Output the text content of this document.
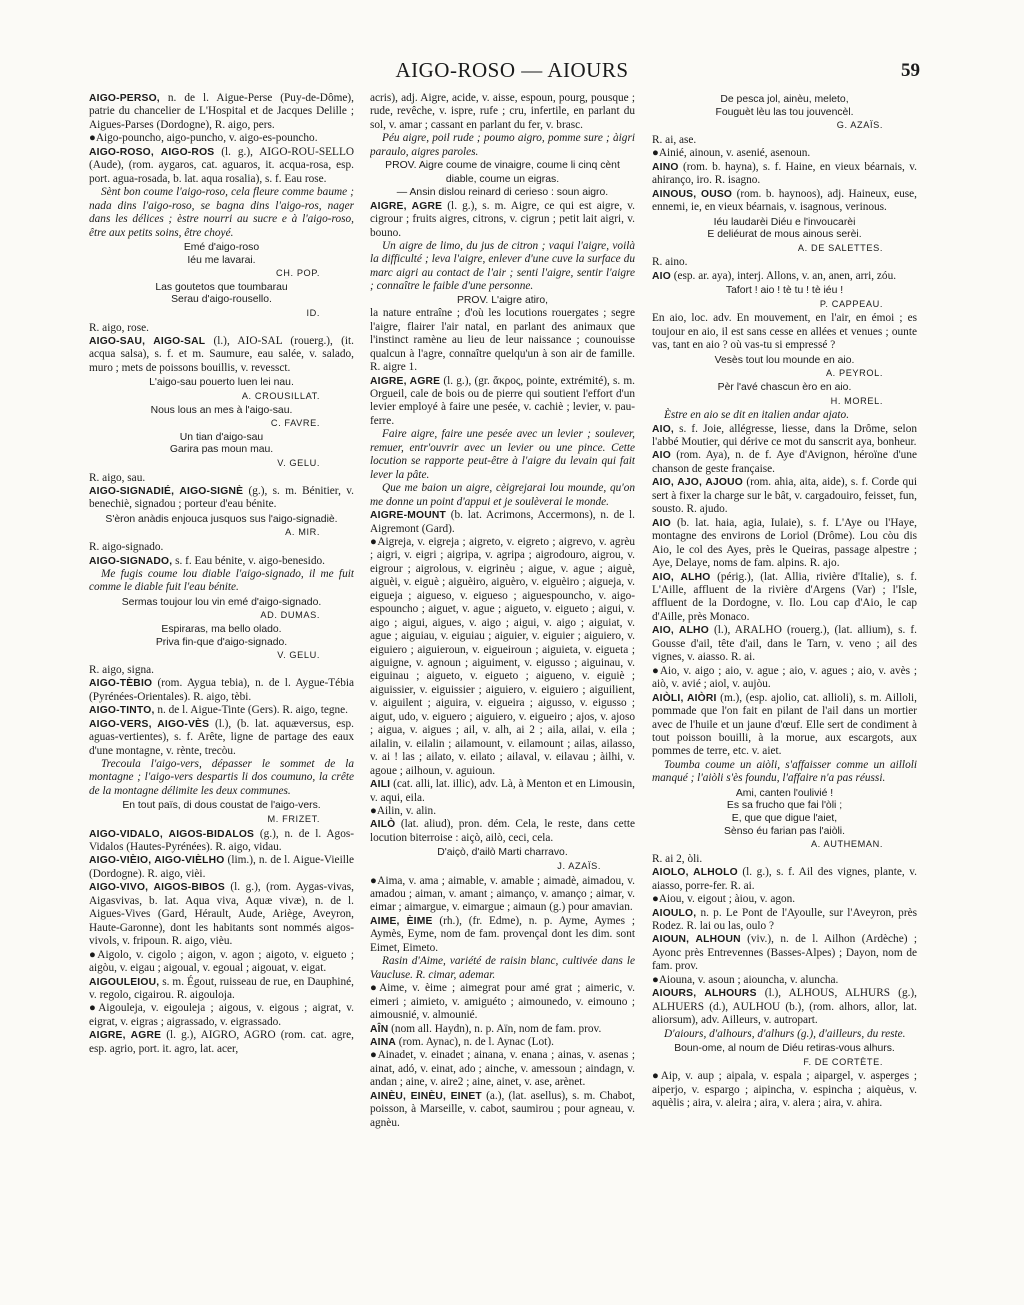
AIGO-ROSO — AIOURS	59

AIGO-PERSO, n. de l. Aigue-Perse (Puy-de-Dôme), patrie du chancelier de L'Hospital et de Jacques Delille ; Aigues-Parses (Dordogne), R. aigo, pers.

●Aigo-pouncho, aigo-puncho, v. aigo-es-pouncho.

AIGO-ROSO, AIGO-ROS (l. g.), AIGO-ROU-SELLO (Aude), (rom. aygaros, cat. aguaros, it. acqua-rosa, esp. port. agua-rosada, b. lat. aqua rosalia), s. f. Eau rose.

Sènt bon coume l'aigo-roso, cela fleure comme baume ; nada dins l'aigo-roso, se bagna dins l'aigo-ros, nager dans les délices ; èstre nourri au sucre e à l'aigo-roso, être aux petits soins, être choyé.

Emé d'aigo-roso
Iéu me lavarai.
CH. POP.
Las goutetos que toumbarau
Serau d'aigo-rousello.
ID.

R. aigo, rose.

AIGO-SAU, AIGO-SAL (l.), AIO-SAL (rouerg.), (it. acqua salsa), s. f. et m. Saumure, eau salée, v. salado, muro ; mets de poissons bouillis, v. revessct.

L'aigo-sau pouerto luen lei nau.
A. CROUSILLAT.
Nous lous an mes à l'aigo-sau.
C. FAVRE.
Un tian d'aigo-sau
Garira pas moun mau.
V. GELU.

R. aigo, sau.

AIGO-SIGNADIÉ, AIGO-SIGNÈ (g.), s. m. Bénitier, v. benechiè, signadou ; porteur d'eau bénite.

S'èron anàdis enjouca jusquos sus l'aigo-signadiè.
A. MIR.

R. aigo-signado.

AIGO-SIGNADO, s. f. Eau bénite, v. aigo-benesido.

Me fugis coume lou diable l'aigo-signado, il me fuit comme le diable fuit l'eau bénite.

Sermas toujour lou vin emé d'aigo-signado.
AD. DUMAS.
Espiraras, ma bello olado.
Priva fin-que d'aigo-signado.
V. GELU.

R. aigo, signa.

AIGO-TÈBIO (rom. Aygua tebia), n. de l. Aygue-Tébia (Pyrénées-Orientales). R. aigo, tèbi.

AIGO-TINTO, n. de l. Aigue-Tinte (Gers). R. aigo, tegne.

AIGO-VERS, AIGO-VÈS (l.), (b. lat. aquæversus, esp. aguas-vertientes), s. f. Arête, ligne de partage des eaux d'une montagne, v. rènte, trecòu.

Trecoula l'aigo-vers, dépasser le sommet de la montagne ; l'aigo-vers despartis li dos coumuno, la crête de la montagne délimite les deux communes.

En tout païs, di dous coustat de l'aigo-vers.
M. FRIZET.

AIGO-VIDALO, AIGOS-BIDALOS (g.), n. de l. Agos-Vidalos (Hautes-Pyrénées). R. aigo, vidau.

AIGO-VIÈIO, AIGO-VIÈLHO (lim.), n. de l. Aigue-Vieille (Dordogne). R. aigo, vièi.

AIGO-VIVO, AIGOS-BIBOS (l. g.), (rom. Aygas-vivas, Aigasvivas, b. lat. Aqua viva, Aquæ vivæ), n. de l. Aigues-Vives (Gard, Hérault, Aude, Ariège, Aveyron, Haute-Garonne), dont les habitants sont nommés aigos-vivols, v. fripoun. R. aigo, vièu.

●Aigolo, v. cigolo ; aigon, v. agon ; aigoto, v. eigueto ; aigòu, v. eigau ; aigoual, v. egoual ; aigouat, v. eigat.

AIGOULEIOU, s. m. Égout, ruisseau de rue, en Dauphiné, v. regolo, cigairou. R. aigouloja.

●Aigouleja, v. eigouleja ; aigous, v. eigous ; aigrat, v. eigrat, v. eigras ; aigrassado, v. eigrassado.

AIGRE, AGRE (l. g.), AIGRO, AGRO (rom. cat. agre, esp. agrio, port. it. agro, lat. acer,

acris), adj. Aigre, acide, v. aisse, espoun, pourg, pousque ; rude, revêche, v. ispre, rufe ; cru, infertile, en parlant du sol, v. amar ; cassant en parlant du fer, v. brasc.

Péu aigre, poil rude ; poumo aigro, pomme sure ; àigri paraulo, aigres paroles.

PROV. Aigre coume de vinaigre, coume li cinq cènt diable, coume un eigras.

— Ansin dislou reinard di cerieso : soun aigro.

AIGRE, AGRE (l. g.), s. m. Aigre, ce qui est aigre, v. cigrour ; fruits aigres, citrons, v. cigrun ; petit lait aigri, v. bouno.

Un aigre de limo, du jus de citron ; vaqui l'aigre, voilà la difficulté ; leva l'aigre, enlever d'une cuve la surface du marc aigri au contact de l'air ; senti l'aigre, sentir l'aigre ; connaître le faible d'une personne.

PROV. L'aigre atiro,

la nature entraîne ; d'où les locutions rouergates ; segre l'aigre, flairer l'air natal, en parlant des animaux que l'instinct ramène au lieu de leur naissance ; counouisse qualcun à l'agre, connaître quelqu'un à son air de famille. R. aigre 1.

AIGRE, AGRE (l. g.), (gr. ἄκρος, pointe, extrémité), s. m. Orgueil, cale de bois ou de pierre qui soutient l'effort d'un levier employé à faire une pesée, v. cachiè ; levier, v. pau-ferre.

Faire aigre, faire une pesée avec un levier ; soulever, remuer, entr'ouvrir avec un levier ou une pince. Cette locution se rapporte peut-être à l'aigre du levain qui fait lever la pâte.

Que me baion un aigre, cèigrejarai lou mounde, qu'on me donne un point d'appui et je soulèverai le monde.

AIGRE-MOUNT (b. lat. Acrimons, Accermons), n. de l. Aigremont (Gard).

●Aigreja, v. eigreja ; aigreto, v. eigreto ; aigrevo, v. agrèu ; aigri, v. eigri ; aigripa, v. agripa ; aigrodouro, aigrou, v. eigrour ; aigrolous, v. eigrinèu ; aigue, v. ague ; aiguè, aiguèi, v. eiguè ; aiguèiro, aiguèro, v. eiguèiro ; aigueja, v. eigueja ; aigueso, v. eigueso ; aiguespouncho, v. aigo-espouncho ; aiguet, v. ague ; aigueto, v. eigueto ; aigui, v. aigo ; aigui, aigues, v. aigo ; aigui, v. aigo ; aiguiat, v. ague ; aiguiau, v. eiguiau ; aiguier, v. eiguier ; aiguiero, v. eiguiero ; aiguieroun, v. eigueiroun ; aiguieta, v. eigueta ; aiguigne, v. agnoun ; aiguiment, v. eigusso ; aiguinau, v. eiguinau ; aigueto, v. eigueto ; aigueno, v. eiguiè ; aiguissier, v. eiguissier ; aiguiero, v. eiguiero ; aiguilient, v. aiguilent ; aiguira, v. eigueira ; aigusso, v. eigusso ; aigut, udo, v. eiguero ; aiguiero, v. eigueiro ; ajos, v. ajoso ; aigua, v. aigues ; ail, v. alh, ai 2 ; aila, ailai, v. eila ; ailalin, v. eilalin ; ailamount, v. eilamount ; ailas, ailasso, v. ai ! las ; ailato, v. eilato ; ailaval, v. eilavau ; àilhi, v. agoue ; ailhoun, v. aguioun.

AILI (cat. alli, lat. illic), adv. Là, à Menton et en Limousin, v. aqui, eila.

●Ailin, v. alin.

AILÒ (lat. aliud), pron. dém. Cela, le reste, dans cette locution biterroise : aiçò, ailò, ceci, cela.

D'aiçò, d'ailò Marti charravo.
J. AZAÏS.

●Aima, v. ama ; aimable, v. amable ; aimadè, aimadou, v. amadou ; aiman, v. amant ; aimanço, v. amanço ; aimar, v. eimar ; aimargue, v. eimargue ; aimaun (g.) pour amavian.

AIME, ÈIME (rh.), (fr. Edme), n. p. Ayme, Aymes ; Aymès, Eyme, nom de fam. provençal dont les dim. sont Eimet, Eimeto.

Rasin d'Aime, variété de raisin blanc, cultivée dans le Vaucluse. R. cimar, ademar.

●Aime, v. èime ; aimegrat pour amé grat ; aimeric, v. eimeri ; aimieto, v. amiguéto ; aimounedo, v. eimouno ; aimousnié, v. almounié.

AÎN (nom all. Haydn), n. p. Aïn, nom de fam. prov.

AINA (rom. Aynac), n. de l. Aynac (Lot).

●Ainadet, v. einadet ; ainana, v. enana ; ainas, v. asenas ; ainat, adó, v. einat, ado ; ainche, v. amessoun ; aindagn, v. andan ; aine, v. aire2 ; aine, ainet, v. ase, arènet.

AINÈU, EINÈU, EINET (a.), (lat. asellus), s. m. Chabot, poisson, à Marseille, v. cabot, saumirou ; pour agneau, v. agnèu.

De pesca jol, ainèu, meleto,
Fouguèt lèu las tou jouvencèl.
G. AZAÏS.

R. ai, ase.

●Ainié, ainoun, v. asenié, asenoun.

AINO (rom. b. hayna), s. f. Haine, en vieux béarnais, v. ahiranço, iro. R. isagno.

AINOUS, OUSO (rom. b. haynoos), adj. Haineux, euse, ennemi, ie, en vieux béarnais, v. isagnous, verinous.

Iéu laudarèi Diéu e l'invoucarèi
E deliéurat de mous ainous serèi.
A. DE SALETTES.

R. aino.

AIO (esp. ar. aya), interj. Allons, v. an, anen, arri, zóu.

Tafort ! aio ! tè tu ! tè iéu !
P. CAPPEAU.

En aio, loc. adv. En mouvement, en l'air, en émoi ; es toujour en aio, il est sans cesse en allées et venues ; ounte vas, tant en aio ? où vas-tu si empressé ?

Vesès tout lou mounde en aio.
A. PEYROL.
Pèr l'avé chascun èro en aio.
H. MOREL.

Èstre en aio se dit en italien andar ajato.

AIO, s. f. Joie, allégresse, liesse, dans la Drôme, selon l'abbé Moutier, qui dérive ce mot du sanscrit aya, bonheur.

AIO (rom. Aya), n. de f. Aye d'Avignon, héroïne d'une chanson de geste française.

AIO, AJO, AJOUO (rom. ahia, aita, aide), s. f. Corde qui sert à fixer la charge sur le bât, v. cargadouiro, feisset, fun, sousto. R. ajudo.

AIO (b. lat. haia, agia, Iulaie), s. f. L'Aye ou l'Haye, montagne des environs de Loriol (Drôme). Lou còu dis Aio, le col des Ayes, près le Queiras, passage alpestre ; Aye, Delaye, noms de fam. alpins. R. ajo.

AIO, ALHO (périg.), (lat. Allia, rivière d'Italie), s. f. L'Aille, affluent de la rivière d'Argens (Var) ; l'Isle, affluent de la Dordogne, v. Ilo. Lou cap d'Aio, le cap d'Aille, près Monaco.

AIO, ALHO (l.), ARALHO (rouerg.), (lat. allium), s. f. Gousse d'ail, tête d'ail, dans le Tarn, v. veno ; ail des vignes, v. aiasso. R. ai.

●Aio, v. aigo ; aio, v. ague ; aio, v. agues ; aio, v. avès ; aiò, v. avié ; aiol, v. aujòu.

AIÒLI, AIÒRI (m.), (esp. ajolio, cat. allioli), s. m. Ailloli, pommade que l'on fait en pilant de l'ail dans un mortier avec de l'huile et un jaune d'œuf. Elle sert de condiment à tout poisson bouilli, à la morue, aux escargots, aux pommes de terre, etc. v. aiet.

Toumba coume un aiòli, s'affaisser comme un ailloli manqué ; l'aiòli s'ès foundu, l'affaire n'a pas réussi.

Ami, canten l'oulivié !
Es sa frucho que fai l'òli ;
E, que que digue l'aiet,
Sènso éu farian pas l'aiòli.
A. AUTHEMAN.

R. ai 2, òli.

AIOLO, ALHOLO (l. g.), s. f. Ail des vignes, plante, v. aiasso, porre-fer. R. ai.

●Aiou, v. eigout ; àiou, v. agon.

AIOULO, n. p. Le Pont de l'Ayoulle, sur l'Aveyron, près Rodez. R. lai ou las, oulo ?

AIOUN, ALHOUN (viv.), n. de l. Ailhon (Ardèche) ; Ayonc près Entrevennes (Basses-Alpes) ; Dayon, nom de fam. prov.

●Aiouna, v. asoun ; aiouncha, v. aluncha.

AIOURS, ALHOURS (l.), ALHOUS, ALHURS (g.), ALHUERS (d.), AULHOU (b.), (rom. alhors, allor, lat. aliorsum), adv. Ailleurs, v. autropart.

D'aiours, d'alhours, d'alhurs (g.), d'ailleurs, du reste.

Boun-ome, al noum de Diéu retiras-vous alhurs.
F. DE CORTÈTE.

●Aip, v. aup ; aipala, v. espala ; aipargel, v. asperges ; aiperjo, v. espargo ; aipincha, v. espincha ; aiquèus, v. aquèlis ; aira, v. aleira ; aira, v. alera ; aira, v. ahira.
